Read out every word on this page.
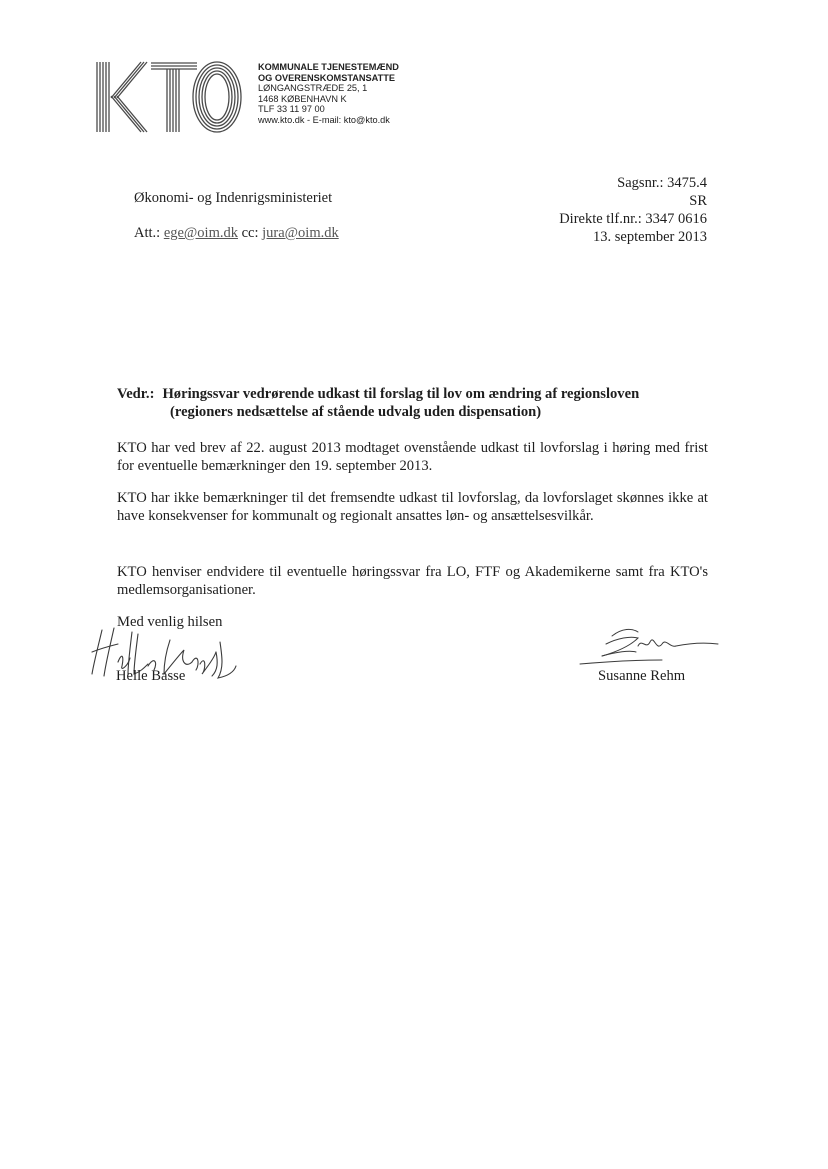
KOMMUNALE TJENESTEMÆND
OG OVERENSKOMSTANSATTE
LØNGANGSTRÆDE 25, 1
1468 KØBENHAVN K
TLF 33 11 97 00
www.kto.dk - E-mail: kto@kto.dk
Økonomi- og Indenrigsministeriet
Att.: ege@oim.dk cc: jura@oim.dk
Sagsnr.: 3475.4
SR
Direkte tlf.nr.: 3347 0616
13. september 2013
Vedr.: Høringssvar vedrørende udkast til forslag til lov om ændring af regionsloven
(regioners nedsættelse af stående udvalg uden dispensation)
KTO har ved brev af 22. august 2013 modtaget ovenstående udkast til lovforslag i høring med frist for eventuelle bemærkninger den 19. september 2013.
KTO har ikke bemærkninger til det fremsendte udkast til lovforslag, da lovforslaget skønnes ikke at have konsekvenser for kommunalt og regionalt ansattes løn- og ansættelsesvilkår.
KTO henviser endvidere til eventuelle høringssvar fra LO, FTF og Akademikerne samt fra KTO's medlemsorganisationer.
Med venlig hilsen
Helle Basse	Susanne Rehm
